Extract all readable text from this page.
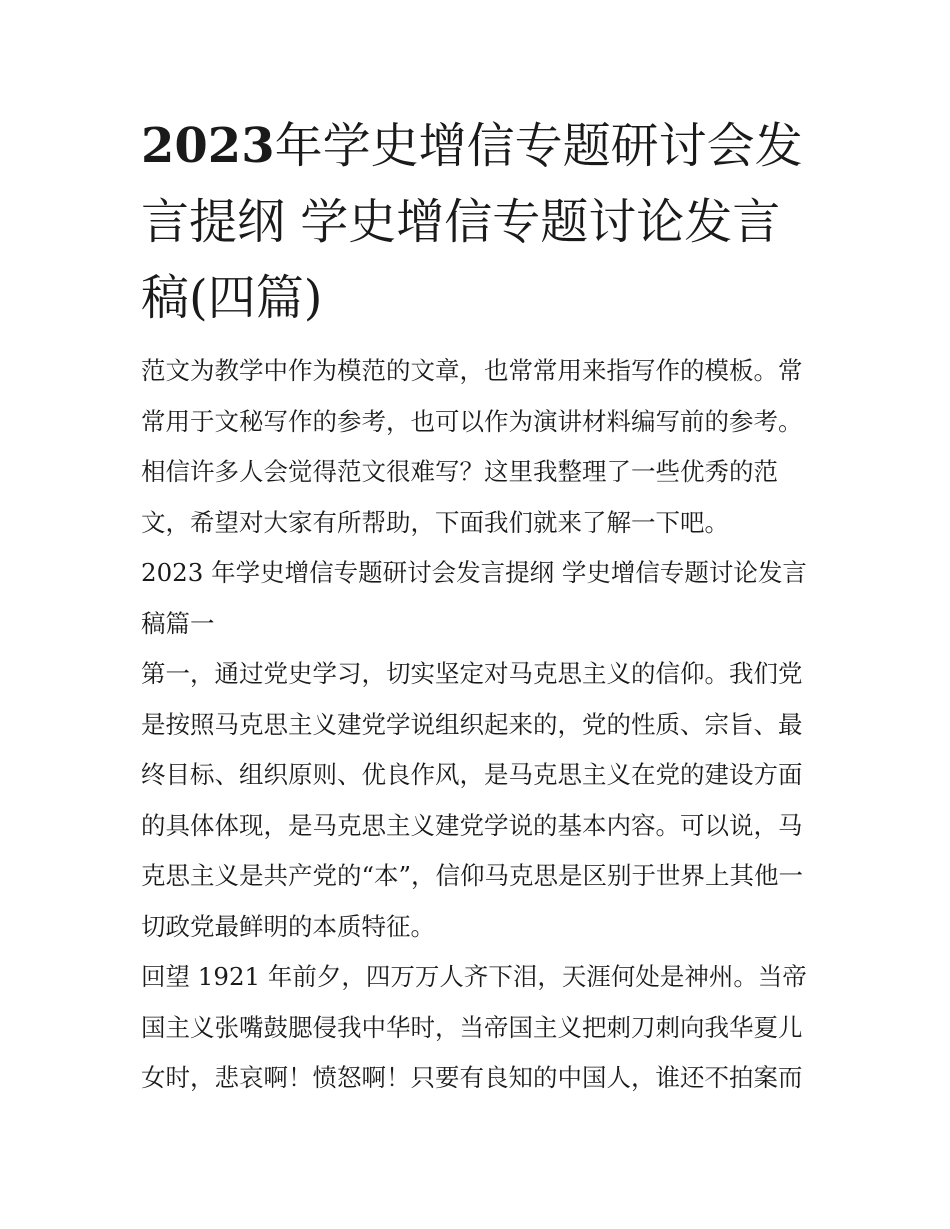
2023年学史增信专题研讨会发言提纲 学史增信专题讨论发言稿(四篇)

范文为教学中作为模范的文章，也常常用来指写作的模板。常常用于文秘写作的参考，也可以作为演讲材料编写前的参考。相信许多人会觉得范文很难写？这里我整理了一些优秀的范文，希望对大家有所帮助，下面我们就来了解一下吧。

2023 年学史增信专题研讨会发言提纲 学史增信专题讨论发言稿篇一

第一，通过党史学习，切实坚定对马克思主义的信仰。我们党是按照马克思主义建党学说组织起来的，党的性质、宗旨、最终目标、组织原则、优良作风，是马克思主义在党的建设方面的具体体现，是马克思主义建党学说的基本内容。可以说，马克思主义是共产党的“本”，信仰马克思是区别于世界上其他一切政党最鲜明的本质特征。

回望 1921 年前夕，四万万人齐下泪，天涯何处是神州。当帝国主义张嘴鼓腮侵我中华时，当帝国主义把刺刀刺向我华夏儿女时，悲哀啊！愤怒啊！只要有良知的中国人，谁还不拍案而
